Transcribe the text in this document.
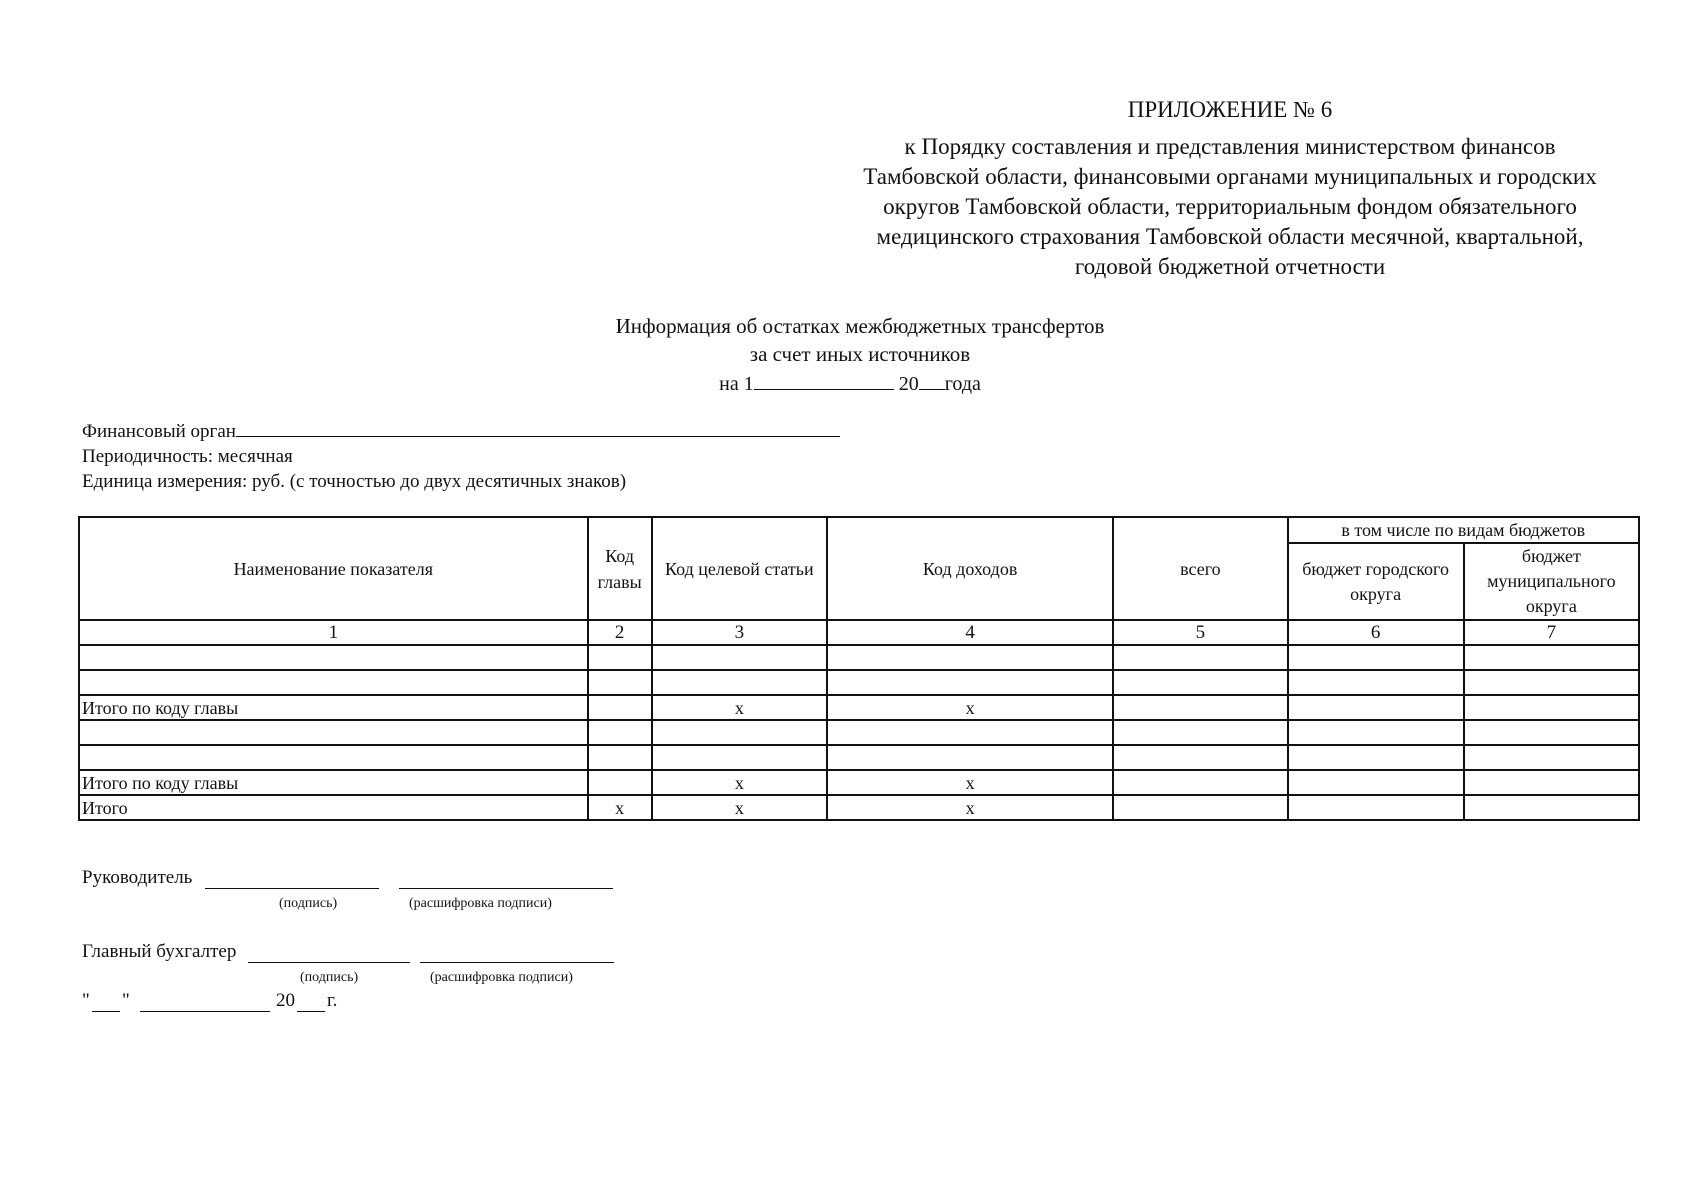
ПРИЛОЖЕНИЕ № 6

к Порядку составления и представления министерством финансов
Тамбовской области, финансовыми органами муниципальных и городских
округов Тамбовской области, территориальным фондом обязательного
медицинского страхования Тамбовской области месячной, квартальной,
годовой бюджетной отчетности

Информация об остатках межбюджетных трансфертов
за счет иных источников
на 1	20 года
Финансовый орган
Периодичность: месячная
Единица измерения: руб. (с точностью до двух десятичных знаков)
Наименование показателя	Код главы	Код целевой статьи	Код доходов	всего	в том числе по видам бюджетов	
					бюджет городского округа	бюджет муниципального округа
1	2	3	4	5	6	7

Итого по коду главы		x	x			

Итого по коду главы		x	x			
Итого	x	x	x			
Руководитель
(подпись)	(расшифровка подписи)
Главный бухгалтер
(подпись)	(расшифровка подписи)
" "	20 г.
